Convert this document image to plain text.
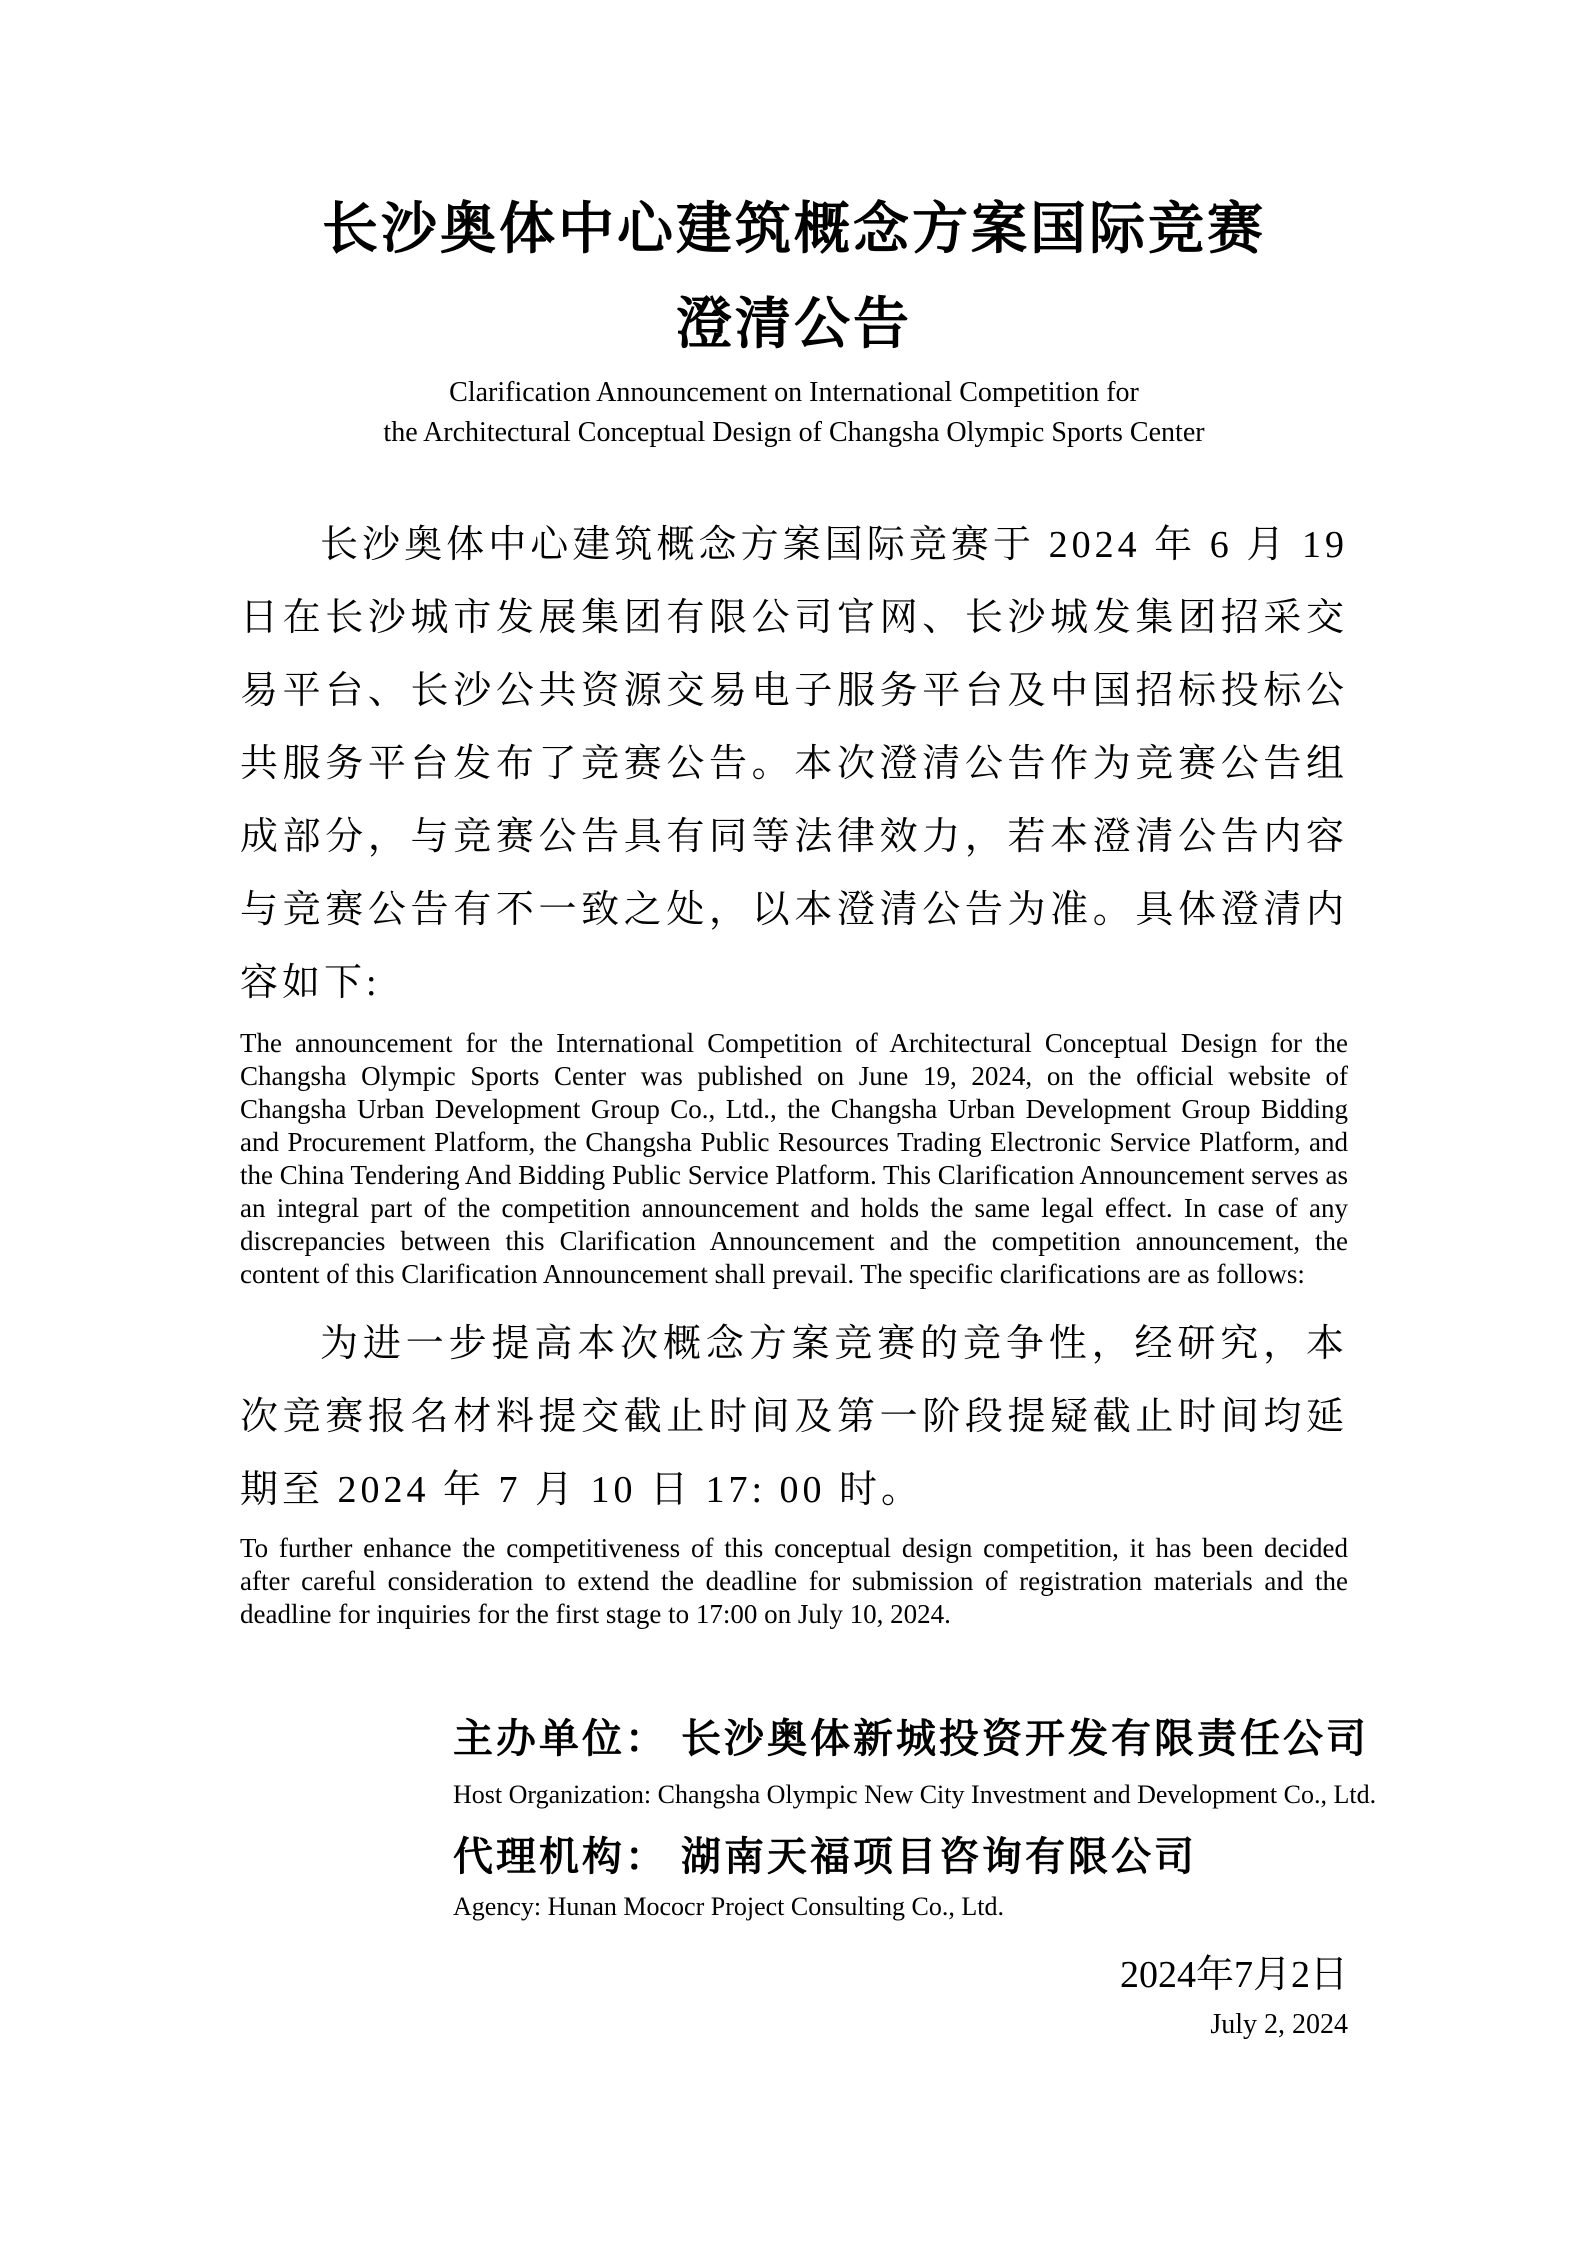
长沙奥体中心建筑概念方案国际竞赛
澄清公告
Clarification Announcement on International Competition for
the Architectural Conceptual Design of Changsha Olympic Sports Center
长沙奥体中心建筑概念方案国际竞赛于 2024 年 6 月 19 日在长沙城市发展集团有限公司官网、长沙城发集团招采交易平台、长沙公共资源交易电子服务平台及中国招标投标公共服务平台发布了竞赛公告。本次澄清公告作为竞赛公告组成部分，与竞赛公告具有同等法律效力，若本澄清公告内容与竞赛公告有不一致之处，以本澄清公告为准。具体澄清内容如下:
The announcement for the International Competition of Architectural Conceptual Design for the Changsha Olympic Sports Center was published on June 19, 2024, on the official website of Changsha Urban Development Group Co., Ltd., the Changsha Urban Development Group Bidding and Procurement Platform, the Changsha Public Resources Trading Electronic Service Platform, and the China Tendering And Bidding Public Service Platform. This Clarification Announcement serves as an integral part of the competition announcement and holds the same legal effect. In case of any discrepancies between this Clarification Announcement and the competition announcement, the content of this Clarification Announcement shall prevail. The specific clarifications are as follows:
为进一步提高本次概念方案竞赛的竞争性，经研究，本次竞赛报名材料提交截止时间及第一阶段提疑截止时间均延期至 2024 年 7 月 10 日 17: 00 时。
To further enhance the competitiveness of this conceptual design competition, it has been decided after careful consideration to extend the deadline for submission of registration materials and the deadline for inquiries for the first stage to 17:00 on July 10, 2024.
主办单位： 长沙奥体新城投资开发有限责任公司
Host Organization: Changsha Olympic New City Investment and Development Co., Ltd.
代理机构： 湖南天福项目咨询有限公司
Agency: Hunan Mococr Project Consulting Co., Ltd.
2024年7月2日
July 2, 2024
